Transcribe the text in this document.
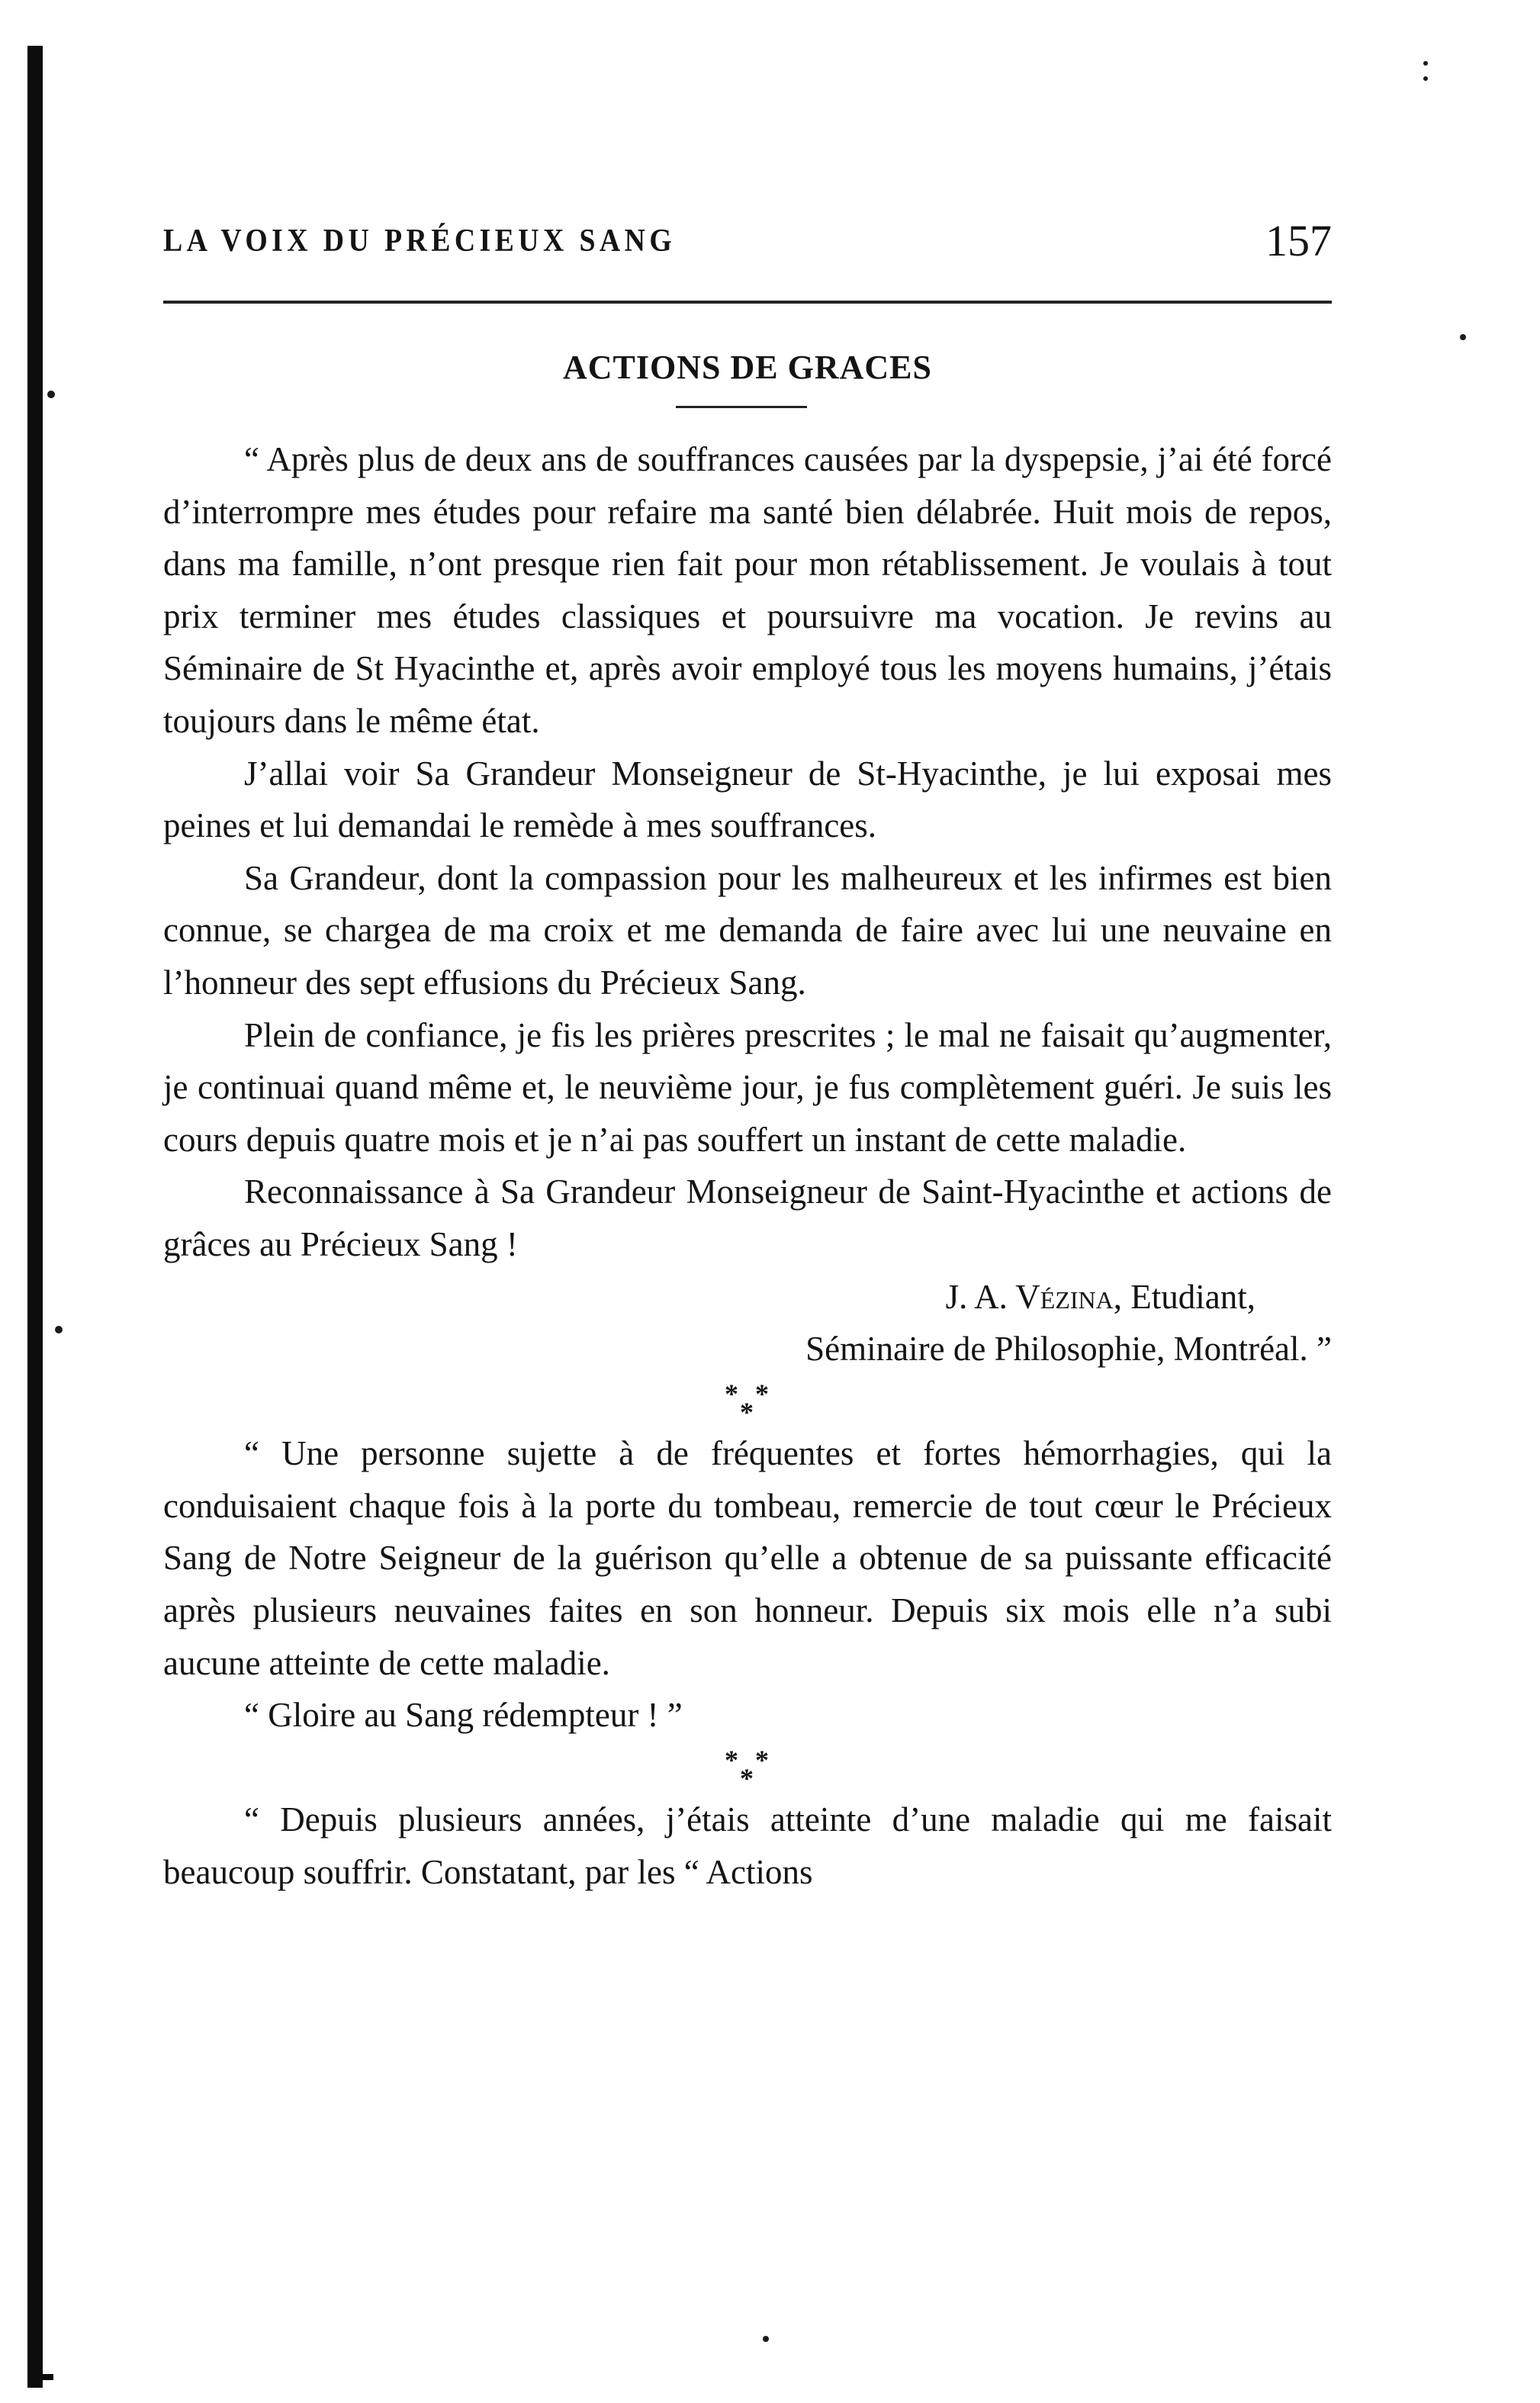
LA VOIX DU PRÉCIEUX SANG	157
ACTIONS DE GRACES

“ Après plus de deux ans de souffrances causées par la dyspepsie, j’ai été forcé d’interrompre mes études pour refaire ma santé bien délabrée. Huit mois de repos, dans ma famille, n’ont presque rien fait pour mon rétablissement. Je voulais à tout prix terminer mes études classiques et poursuivre ma vocation. Je revins au Séminaire de St Hyacinthe et, après avoir employé tous les moyens humains, j’étais toujours dans le même état.

J’allai voir Sa Grandeur Monseigneur de St-Hyacinthe, je lui exposai mes peines et lui demandai le remède à mes souffrances.

Sa Grandeur, dont la compassion pour les malheureux et les infirmes est bien connue, se chargea de ma croix et me demanda de faire avec lui une neuvaine en l’honneur des sept effusions du Précieux Sang.

Plein de confiance, je fis les prières prescrites ; le mal ne faisait qu’augmenter, je continuai quand même et, le neuvième jour, je fus complètement guéri. Je suis les cours depuis quatre mois et je n’ai pas souffert un instant de cette maladie.

Reconnaissance à Sa Grandeur Monseigneur de Saint-Hyacinthe et actions de grâces au Précieux Sang !

J. A. Vézina, Etudiant,

Séminaire de Philosophie, Montréal. ”

* *
*

“ Une personne sujette à de fréquentes et fortes hémorrhagies, qui la conduisaient chaque fois à la porte du tombeau, remercie de tout cœur le Précieux Sang de Notre Seigneur de la guérison qu’elle a obtenue de sa puissante efficacité après plusieurs neuvaines faites en son honneur. Depuis six mois elle n’a subi aucune atteinte de cette maladie.

“ Gloire au Sang rédempteur ! ”

* *
*

“ Depuis plusieurs années, j’étais atteinte d’une maladie qui me faisait beaucoup souffrir. Constatant, par les “ Actions
